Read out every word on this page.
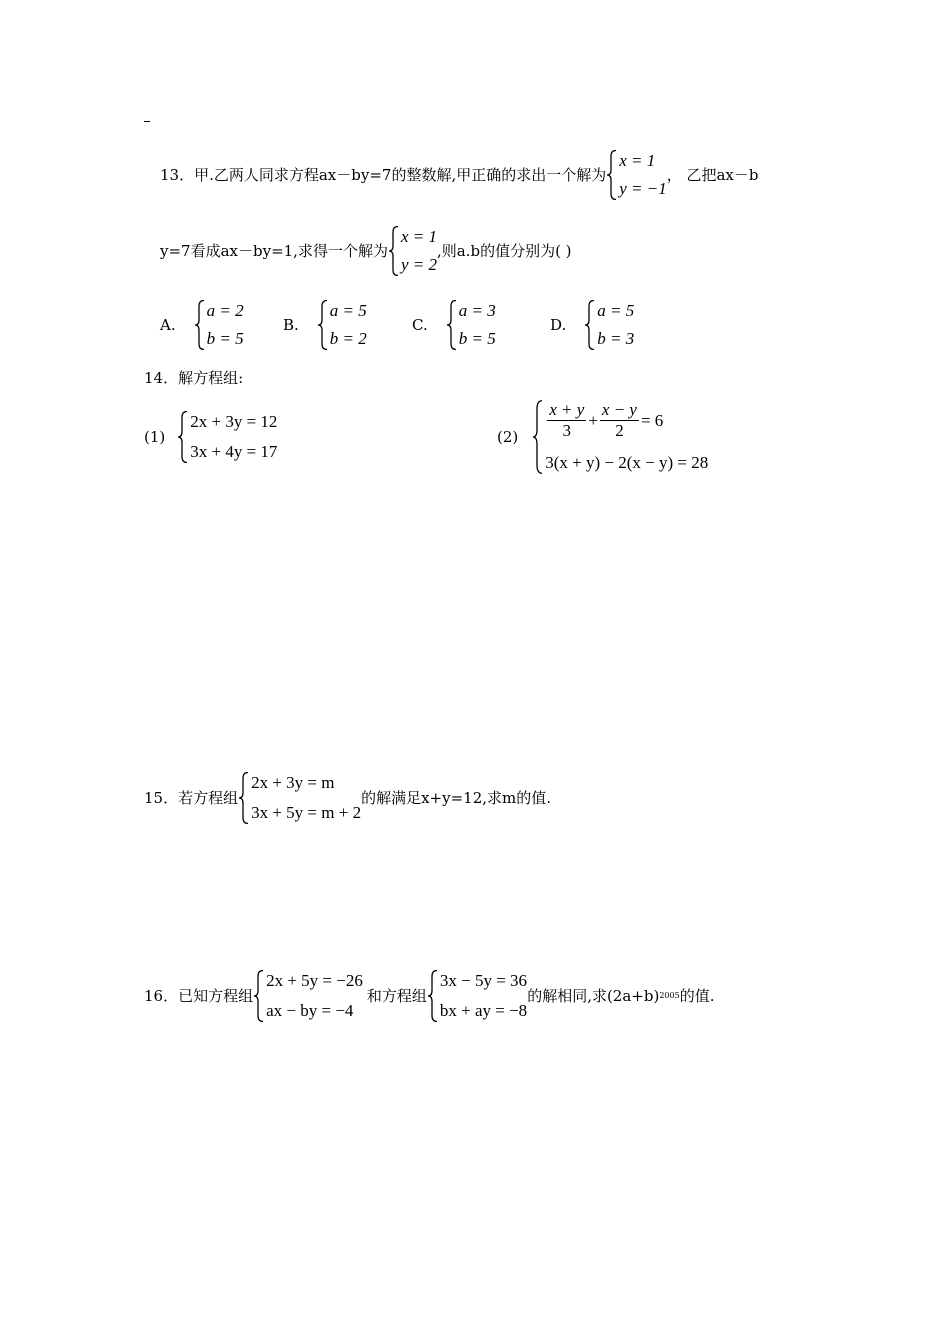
13．甲.乙两人同求方程ax－by=7的整数解,甲正确的求出一个解为
x = 1
y = −1
， 乙把ax－b
y=7看成ax－by=1,求得一个解为
x = 1
y = 2
,则a.b的值分别为( )
A.
a = 2
b = 5
B.
a = 5
b = 2
C.
a = 3
b = 5
D.
a = 5
b = 3
14．解方程组:
(1)
2x + 3y = 12
3x + 4y = 17
$(2) \frac{x + y}{3} + \frac{x - y}{2} = 6$
3(x + y) − 2(x − y) = 28
15．若方程组
2x + 3y = m
3x + 5y = m + 2
的解满足x+y=12,求m的值.
16．已知方程组
2x + 5y = −26
ax − by = −4
和方程组
3x − 5y = 36
bx + ay = −8
的解相同,求(2a+b) 2005 的值.
